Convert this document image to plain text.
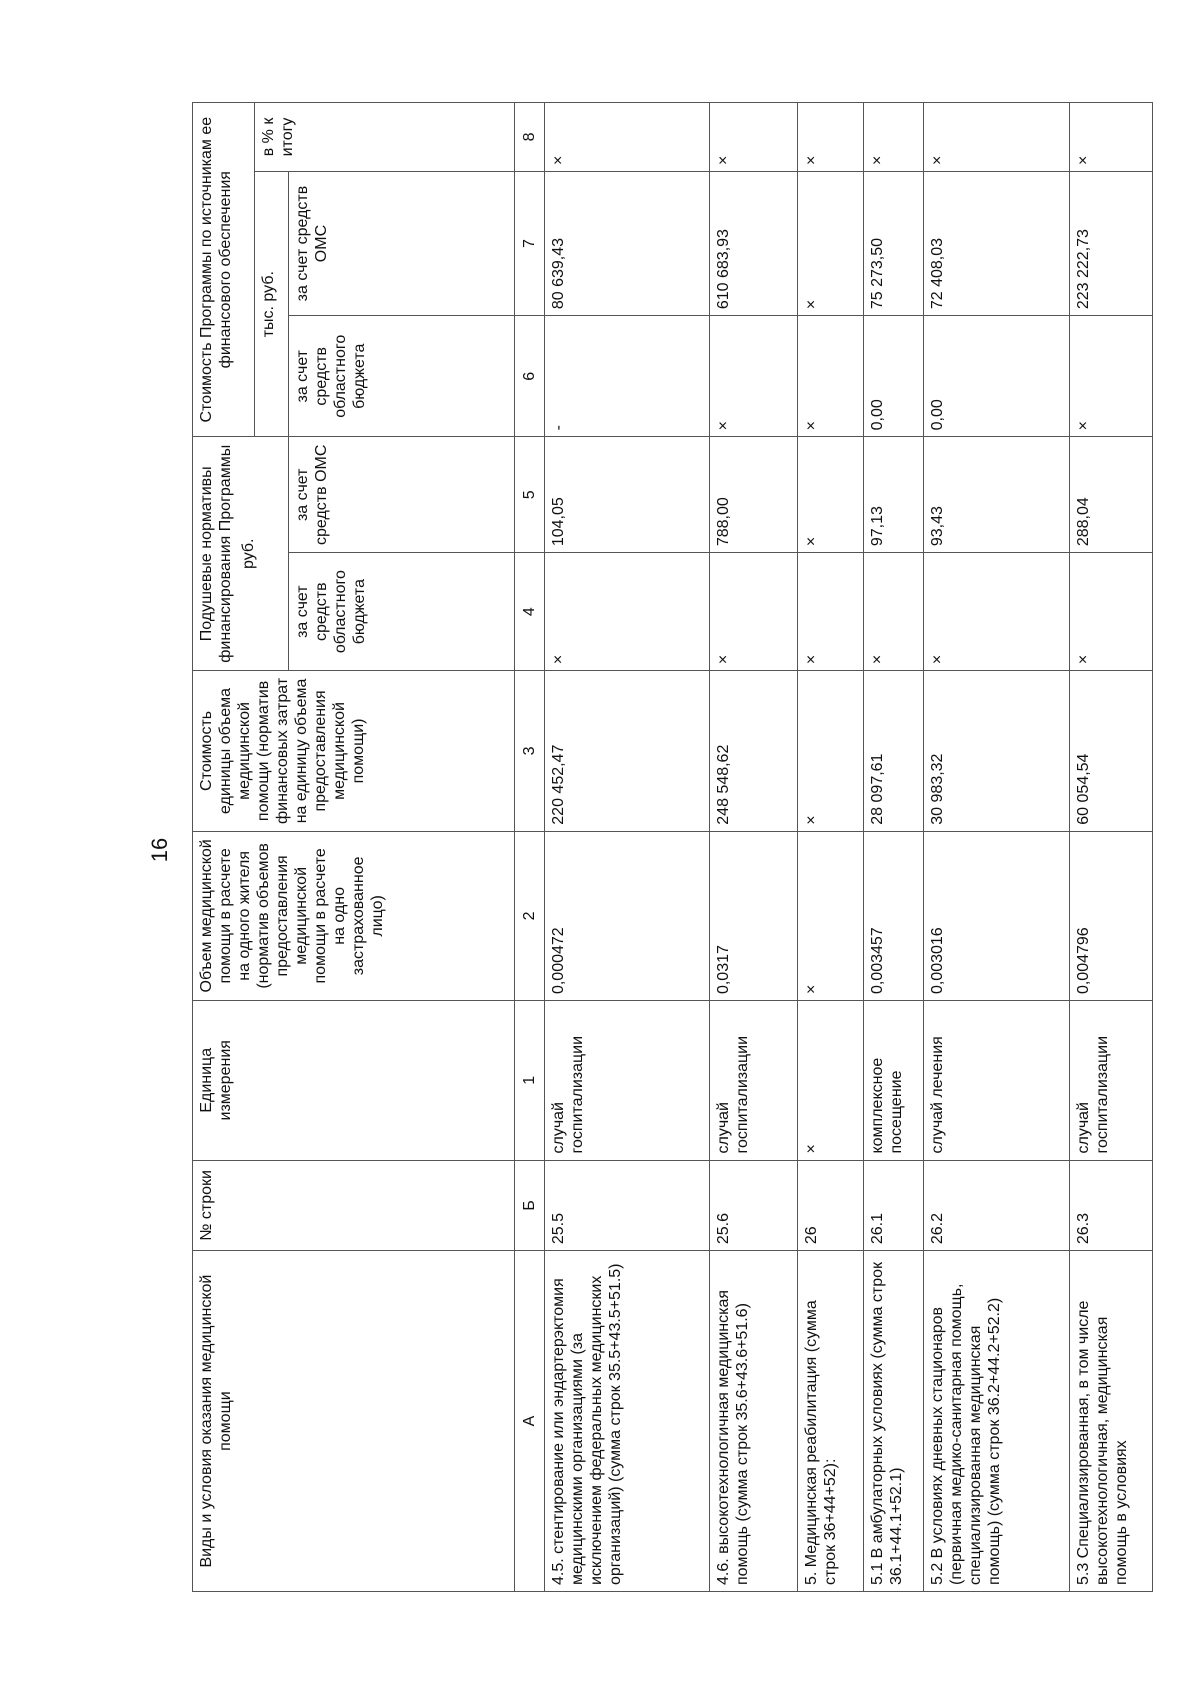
16
Виды и условия оказания медицинской помощи	№ строки	Единица измерения	Объем медицинской помощи в расчете на одного жителя (норматив объемов предоставления медицинской помощи в расчете на одно застрахованное лицо)	Стоимость единицы объема медицинской помощи (норматив финансовых затрат на единицу объема предоставления медицинской помощи)	Подушевые нормативы финансирования Программы руб.		Стоимость Программы по источникам ее финансового обеспечения		
							тыс. руб.		в % к итогу
					за счет средств областного бюджета	за счет средств ОМС	за счет средств областного бюджета	за счет средств ОМС	
А	Б	1	2	3	4	5	6	7	8
4.5. стентирование или эндартерэктомия медицинскими организациями (за исключением федеральных медицинских организаций) (сумма строк 35.5+43.5+51.5)	25.5	случай госпитализации	0,000472	220 452,47	×	104,05	-	80 639,43	×
4.6. высокотехнологичная медицинская помощь (сумма строк 35.6+43.6+51.6)	25.6	случай госпитализации	0,0317	248 548,62	×	788,00	×	610 683,93	×
5. Медицинская реабилитация (сумма строк 36+44+52):	26	×	×	×	×	×	×	×	×
5.1 В амбулаторных условиях (сумма строк 36.1+44.1+52.1)	26.1	комплексное посещение	0,003457	28 097,61	×	97,13	0,00	75 273,50	×
5.2 В условиях дневных стационаров (первичная медико-санитарная помощь, специализированная медицинская помощь) (сумма строк 36.2+44.2+52.2)	26.2	случай лечения	0,003016	30 983,32	×	93,43	0,00	72 408,03	×
5.3 Специализированная, в том числе высокотехнологичная, медицинская помощь в условиях	26.3	случай госпитализации	0,004796	60 054,54	×	288,04	×	223 222,73	×
